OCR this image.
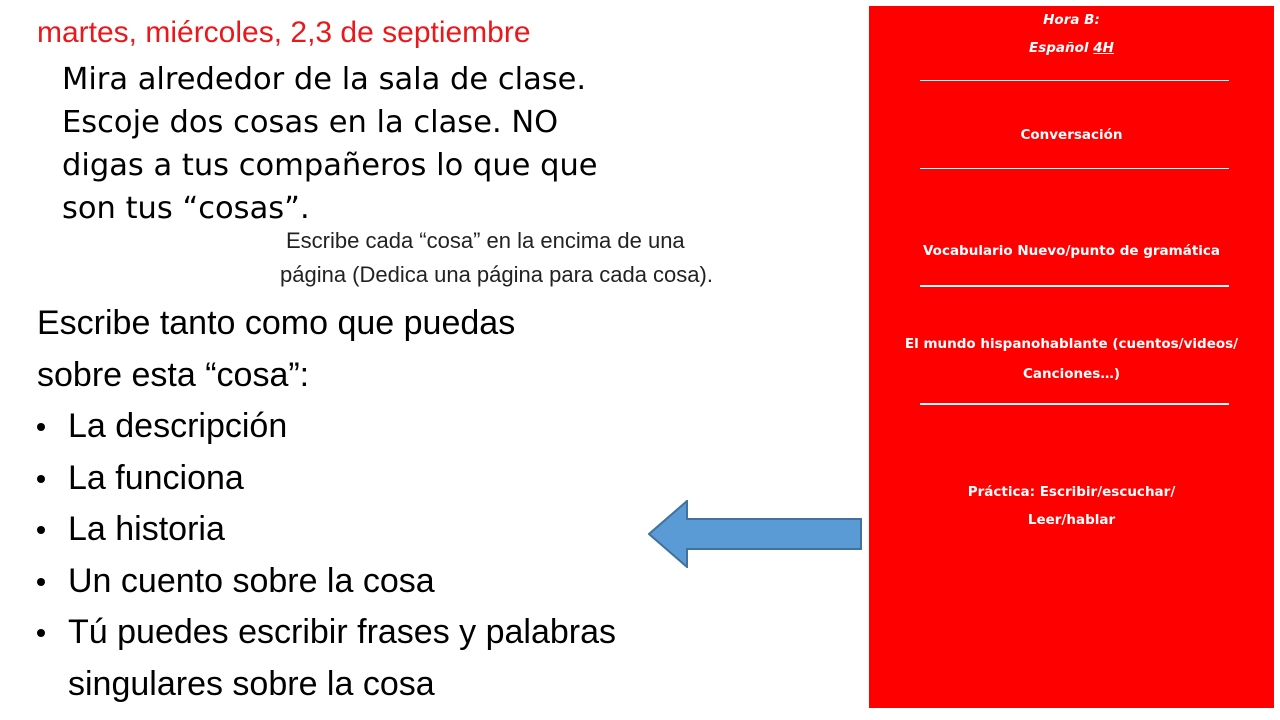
martes, miércoles, 2,3 de septiembre
Mira alrededor de la sala de clase.
Escoje dos cosas en la clase. NO
digas a tus compañeros lo que que
son tus “cosas”.
Escribe cada “cosa” en la encima de una
página (Dedica una página para cada cosa).
Escribe tanto como que puedas
sobre esta “cosa”:
La descripción
La funciona
La historia
Un cuento sobre la cosa
Tú puedes escribir frases y palabras
singulares sobre la cosa
Hora B:
Español 4H
Conversación
Vocabulario Nuevo/punto de gramática
El mundo hispanohablante (cuentos/videos/
Canciones…)
Práctica: Escribir/escuchar/
Leer/hablar
